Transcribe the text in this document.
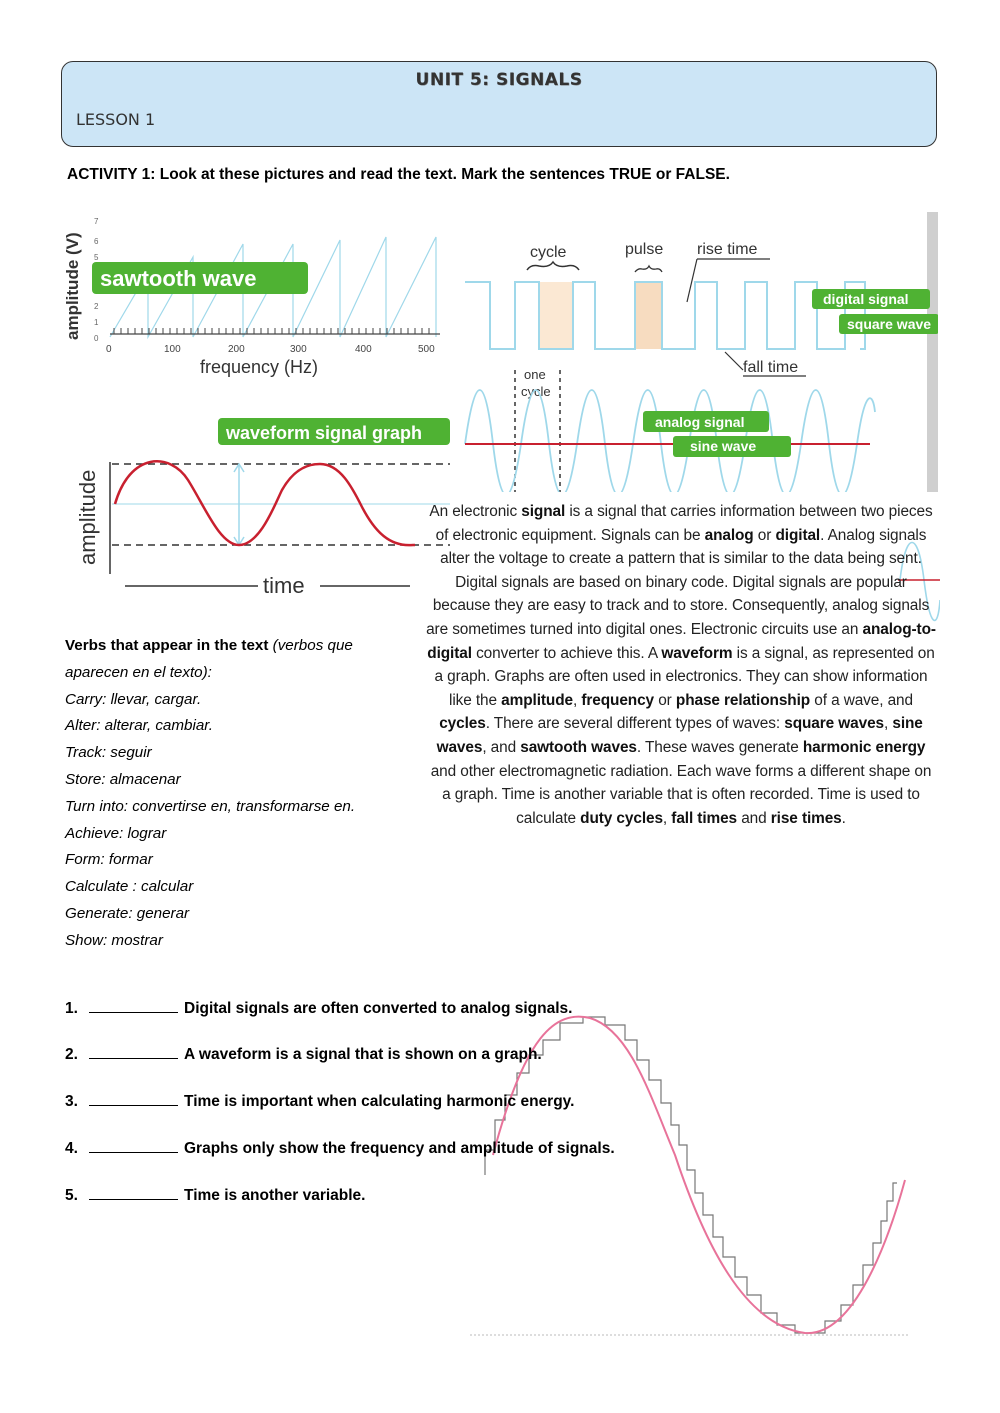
UNIT 5: SIGNALS
LESSON 1
ACTIVITY 1: Look at these pictures and read the text. Mark the sentences TRUE or FALSE.
amplitude (V)
7
6
5
2
1
0
0	100	200	300	400	500
frequency (Hz)
sawtooth wave
cycle	pulse rise time
fall time
digital signal
square wave
one
cycle
analog signal
sine wave
waveform signal graph
amplitude
time
An electronic signal is a signal that carries information between two pieces of electronic equipment. Signals can be analog or digital. Analog signals alter the voltage to create a pattern that is similar to the data being sent. Digital signals are based on binary code. Digital signals are popular because they are easy to track and to store. Consequently, analog signals are sometimes turned into digital ones. Electronic circuits use an analog-to-digital converter to achieve this. A waveform is a signal, as represented on a graph. Graphs are often used in electronics. They can show information like the amplitude, frequency or phase relationship of a wave, and cycles. There are several different types of waves: square waves, sine waves, and sawtooth waves. These waves generate harmonic energy and other electromagnetic radiation. Each wave forms a different shape on a graph. Time is another variable that is often recorded. Time is used to calculate duty cycles, fall times and rise times.
Verbs that appear in the text (verbos que aparecen en el texto):
Carry: llevar, cargar.
Alter: alterar, cambiar.
Track: seguir
Store: almacenar
Turn into: convertirse en, transformarse en.
Achieve: lograr
Form: formar
Calculate : calcular
Generate: generar
Show: mostrar
1.	Digital signals are often converted to analog signals.
2.	A waveform is a signal that is shown on a graph.
3.	Time is important when calculating harmonic energy.
4.	Graphs only show the frequency and amplitude of signals.
5.	Time is another variable.
